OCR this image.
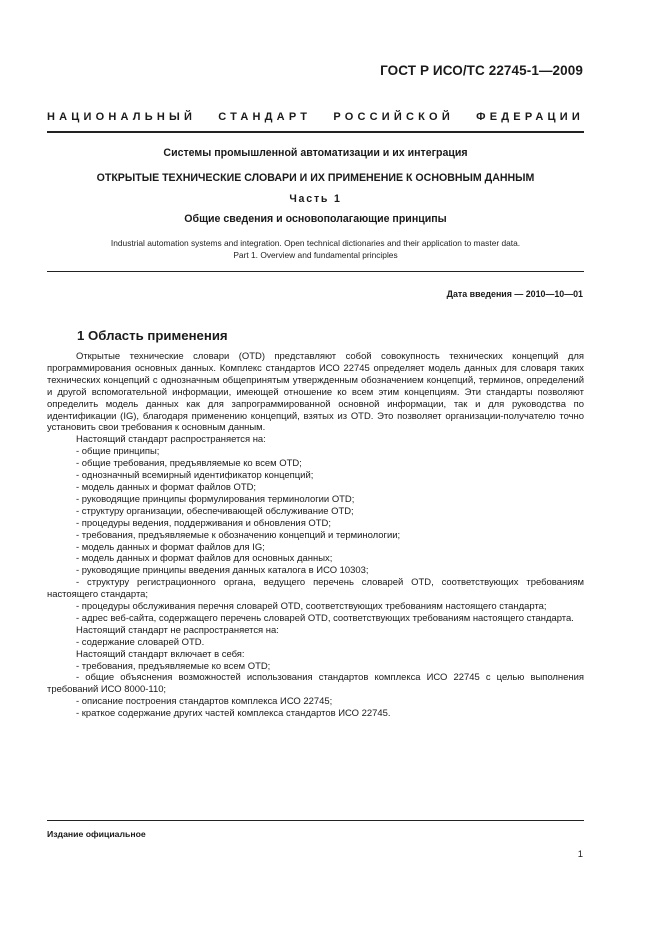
ГОСТ Р ИСО/ТС 22745-1—2009
НАЦИОНАЛЬНЫЙ СТАНДАРТ РОССИЙСКОЙ ФЕДЕРАЦИИ
Системы промышленной автоматизации и их интеграция
ОТКРЫТЫЕ ТЕХНИЧЕСКИЕ СЛОВАРИ И ИХ ПРИМЕНЕНИЕ К ОСНОВНЫМ ДАННЫМ
Часть 1
Общие сведения и основополагающие принципы
Industrial automation systems and integration. Open technical dictionaries and their application to master data.
Part 1. Overview and fundamental principles
Дата введения — 2010—10—01
1 Область применения

Открытые технические словари (OTD) представляют собой совокупность технических концепций для программирования основных данных. Комплекс стандартов ИСО 22745 определяет модель данных для словаря таких технических концепций с однозначным общепринятым утвержденным обозначением концепций, терминов, определений и другой вспомогательной информации, имеющей отношение ко всем этим концепциям. Эти стандарты позволяют определить модель данных как для запрограммированной основной информации, так и для руководства по идентификации (IG), благодаря применению концепций, взятых из OTD. Это позволяет организации-получателю точно установить свои требования к основным данным.

Настоящий стандарт распространяется на:

- общие принципы;

- общие требования, предъявляемые ко всем OTD;

- однозначный всемирный идентификатор концепций;

- модель данных и формат файлов OTD;

- руководящие принципы формулирования терминологии OTD;

- структуру организации, обеспечивающей обслуживание OTD;

- процедуры ведения, поддерживания и обновления OTD;

- требования, предъявляемые к обозначению концепций и терминологии;

- модель данных и формат файлов для IG;

- модель данных и формат файлов для основных данных;

- руководящие принципы введения данных каталога в ИСО 10303;

- структуру регистрационного органа, ведущего перечень словарей OTD, соответствующих требованиям настоящего стандарта;

- процедуры обслуживания перечня словарей OTD, соответствующих требованиям настоящего стандарта;

- адрес веб-сайта, содержащего перечень словарей OTD, соответствующих требованиям настоящего стандарта.

Настоящий стандарт не распространяется на:

- содержание словарей OTD.

Настоящий стандарт включает в себя:

- требования, предъявляемые ко всем OTD;

- общие объяснения возможностей использования стандартов комплекса ИСО 22745 с целью выполнения требований ИСО 8000-110;

- описание построения стандартов комплекса ИСО 22745;

- краткое содержание других частей комплекса стандартов ИСО 22745.

Издание официальное
1
